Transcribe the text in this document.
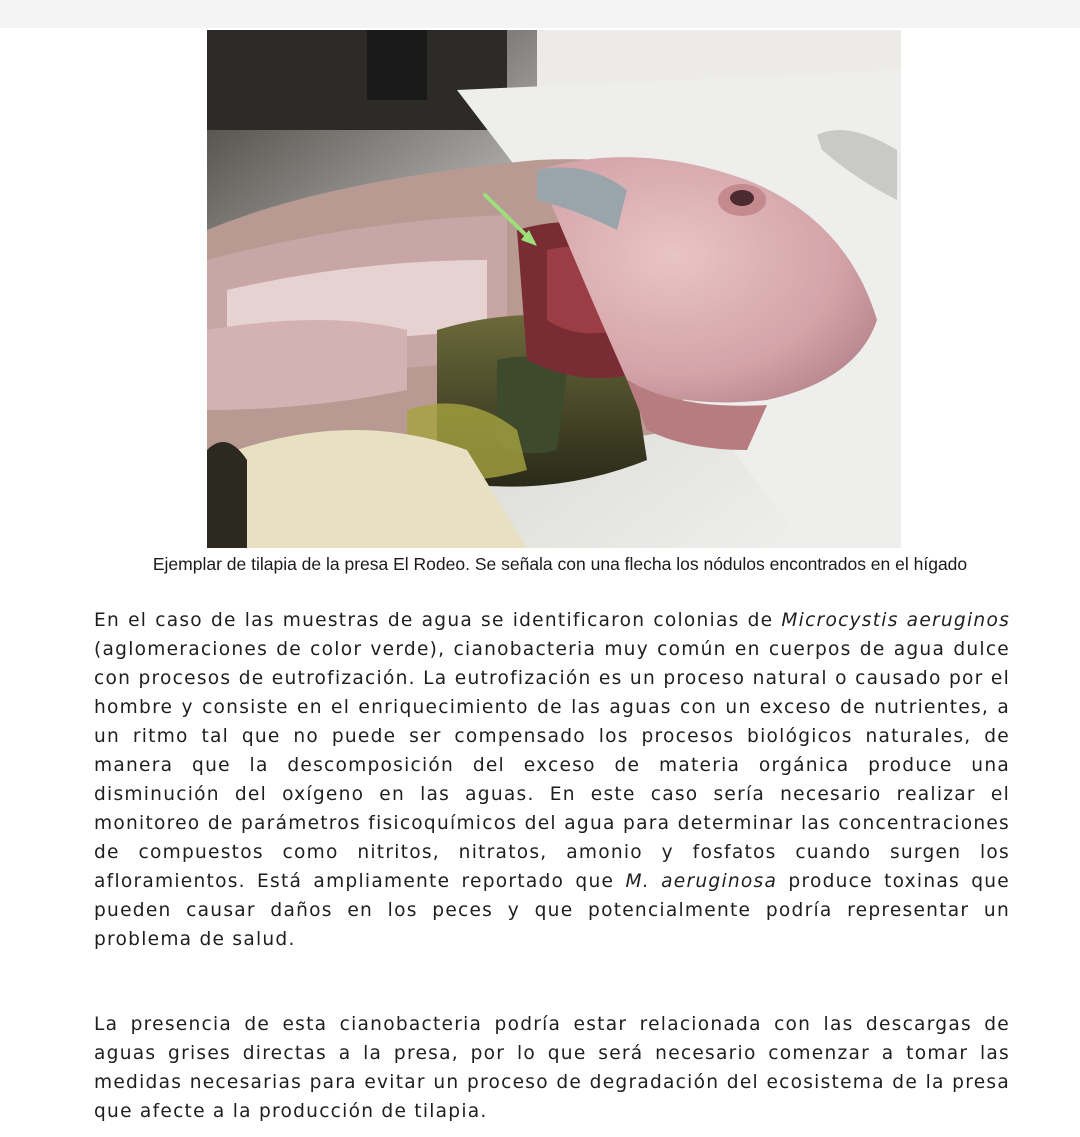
Ejemplar de tilapia de la presa El Rodeo. Se señala con una flecha los nódulos encontrados en el hígado

En el caso de las muestras de agua se identificaron colonias de Microcystis aeruginos (aglomeraciones de color verde), cianobacteria muy común en cuerpos de agua dulce con procesos de eutrofización. La eutrofización es un proceso natural o causado por el hombre y consiste en el enriquecimiento de las aguas con un exceso de nutrientes, a un ritmo tal que no puede ser compensado los procesos biológicos naturales, de manera que la descomposición del exceso de materia orgánica produce una disminución del oxígeno en las aguas. En este caso sería necesario realizar el monitoreo de parámetros fisicoquímicos del agua para determinar las concentraciones de compuestos como nitritos, nitratos, amonio y fosfatos cuando surgen los afloramientos. Está ampliamente reportado que M. aeruginosa produce toxinas que pueden causar daños en los peces y que potencialmente podría representar un problema de salud.

La presencia de esta cianobacteria podría estar relacionada con las descargas de aguas grises directas a la presa, por lo que será necesario comenzar a tomar las medidas necesarias para evitar un proceso de degradación del ecosistema de la presa que afecte a la producción de tilapia.
